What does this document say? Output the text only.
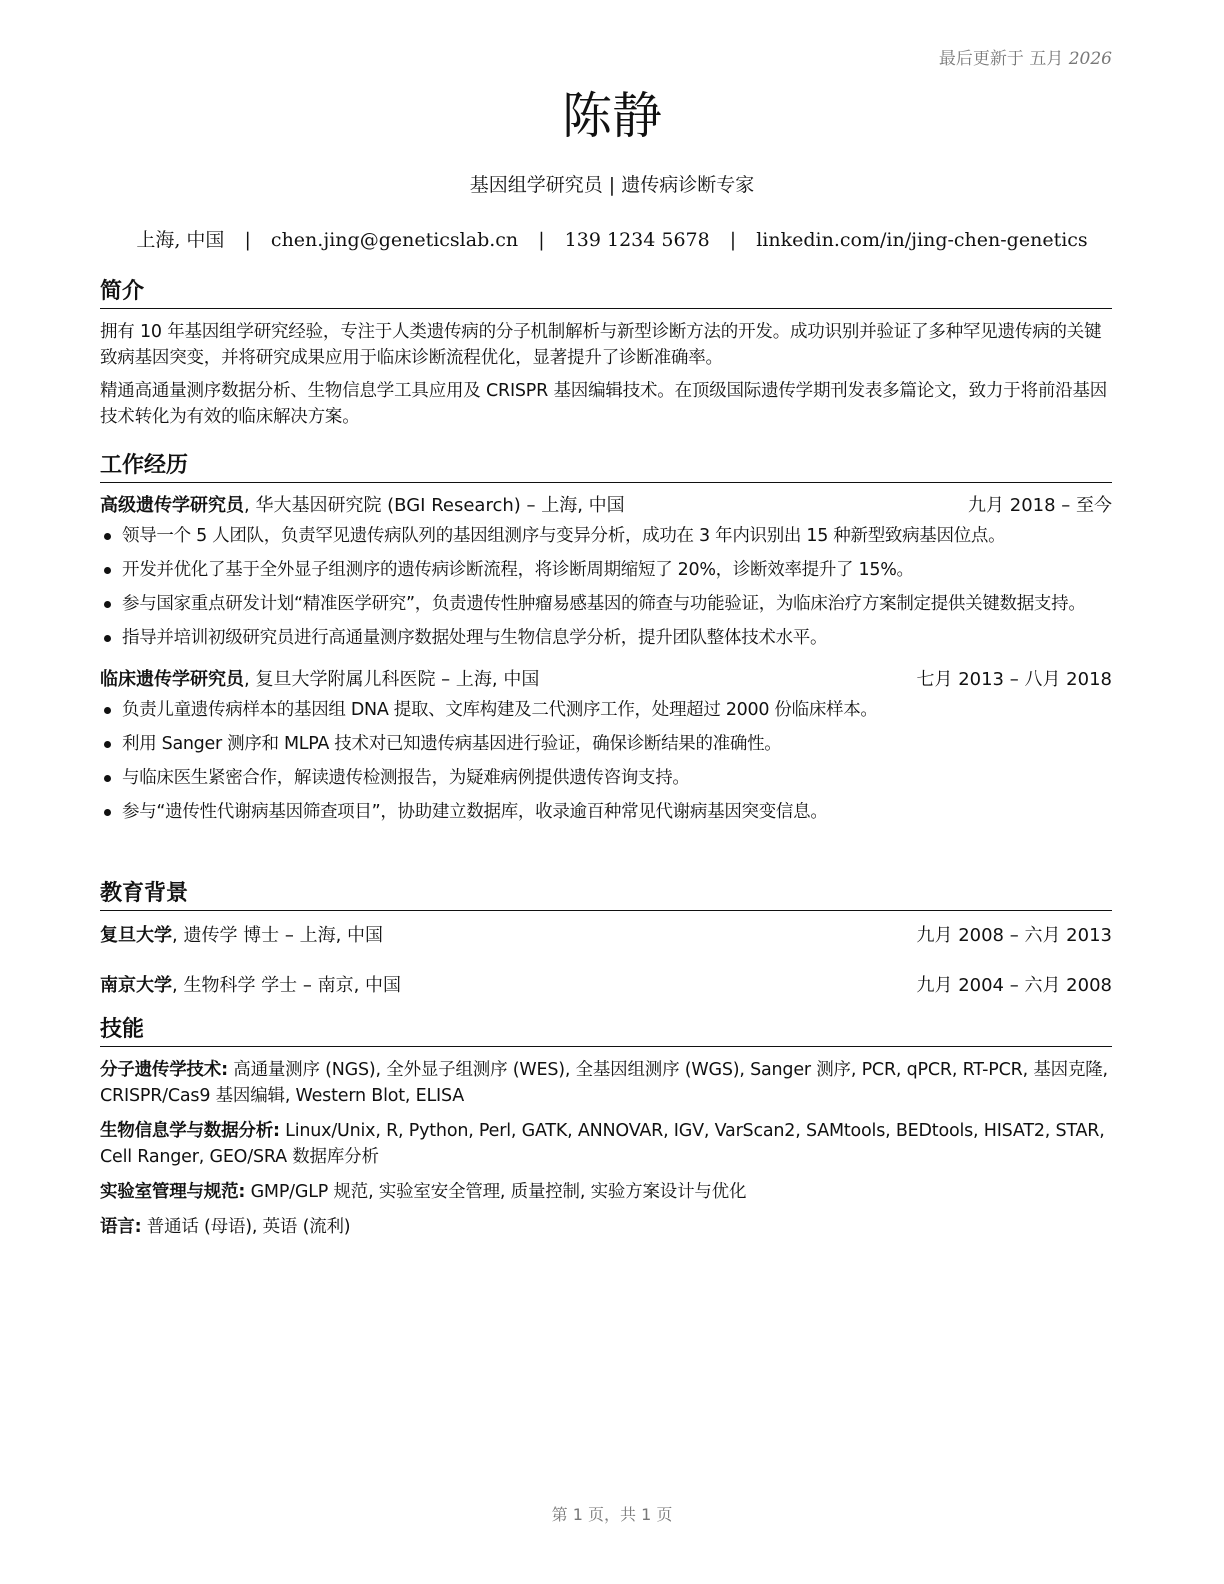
最后更新于 五月 2026
陈静
基因组学研究员 | 遗传病诊断专家
上海, 中国 | chen.jing@geneticslab.cn | 139 1234 5678 | linkedin.com/in/jing-chen-genetics
简介

拥有 10 年基因组学研究经验，专注于人类遗传病的分子机制解析与新型诊断方法的开发。成功识别并验证了多种罕见遗传病的关键致病基因突变，并将研究成果应用于临床诊断流程优化，显著提升了诊断准确率。

精通高通量测序数据分析、生物信息学工具应用及 CRISPR 基因编辑技术。在顶级国际遗传学期刊发表多篇论文，致力于将前沿基因技术转化为有效的临床解决方案。

工作经历
高级遗传学研究员, 华大基因研究院 (BGI Research) – 上海, 中国	九月 2018 – 至今
领导一个 5 人团队，负责罕见遗传病队列的基因组测序与变异分析，成功在 3 年内识别出 15 种新型致病基因位点。
开发并优化了基于全外显子组测序的遗传病诊断流程，将诊断周期缩短了 20%，诊断效率提升了 15%。
参与国家重点研发计划“精准医学研究”，负责遗传性肿瘤易感基因的筛查与功能验证，为临床治疗方案制定提供关键数据支持。
指导并培训初级研究员进行高通量测序数据处理与生物信息学分析，提升团队整体技术水平。
临床遗传学研究员, 复旦大学附属儿科医院 – 上海, 中国	七月 2013 – 八月 2018
负责儿童遗传病样本的基因组 DNA 提取、文库构建及二代测序工作，处理超过 2000 份临床样本。
利用 Sanger 测序和 MLPA 技术对已知遗传病基因进行验证，确保诊断结果的准确性。
与临床医生紧密合作，解读遗传检测报告，为疑难病例提供遗传咨询支持。
参与“遗传性代谢病基因筛查项目”，协助建立数据库，收录逾百种常见代谢病基因突变信息。
教育背景
复旦大学, 遗传学 博士 – 上海, 中国	九月 2008 – 六月 2013
南京大学, 生物科学 学士 – 南京, 中国	九月 2004 – 六月 2008
技能
分子遗传学技术: 高通量测序 (NGS), 全外显子组测序 (WES), 全基因组测序 (WGS), Sanger 测序, PCR, qPCR, RT-PCR, 基因克隆, CRISPR/Cas9 基因编辑, Western Blot, ELISA
生物信息学与数据分析: Linux/Unix, R, Python, Perl, GATK, ANNOVAR, IGV, VarScan2, SAMtools, BEDtools, HISAT2, STAR, Cell Ranger, GEO/SRA 数据库分析
实验室管理与规范: GMP/GLP 规范, 实验室安全管理, 质量控制, 实验方案设计与优化
语言: 普通话 (母语), 英语 (流利)
第 1 页，共 1 页
